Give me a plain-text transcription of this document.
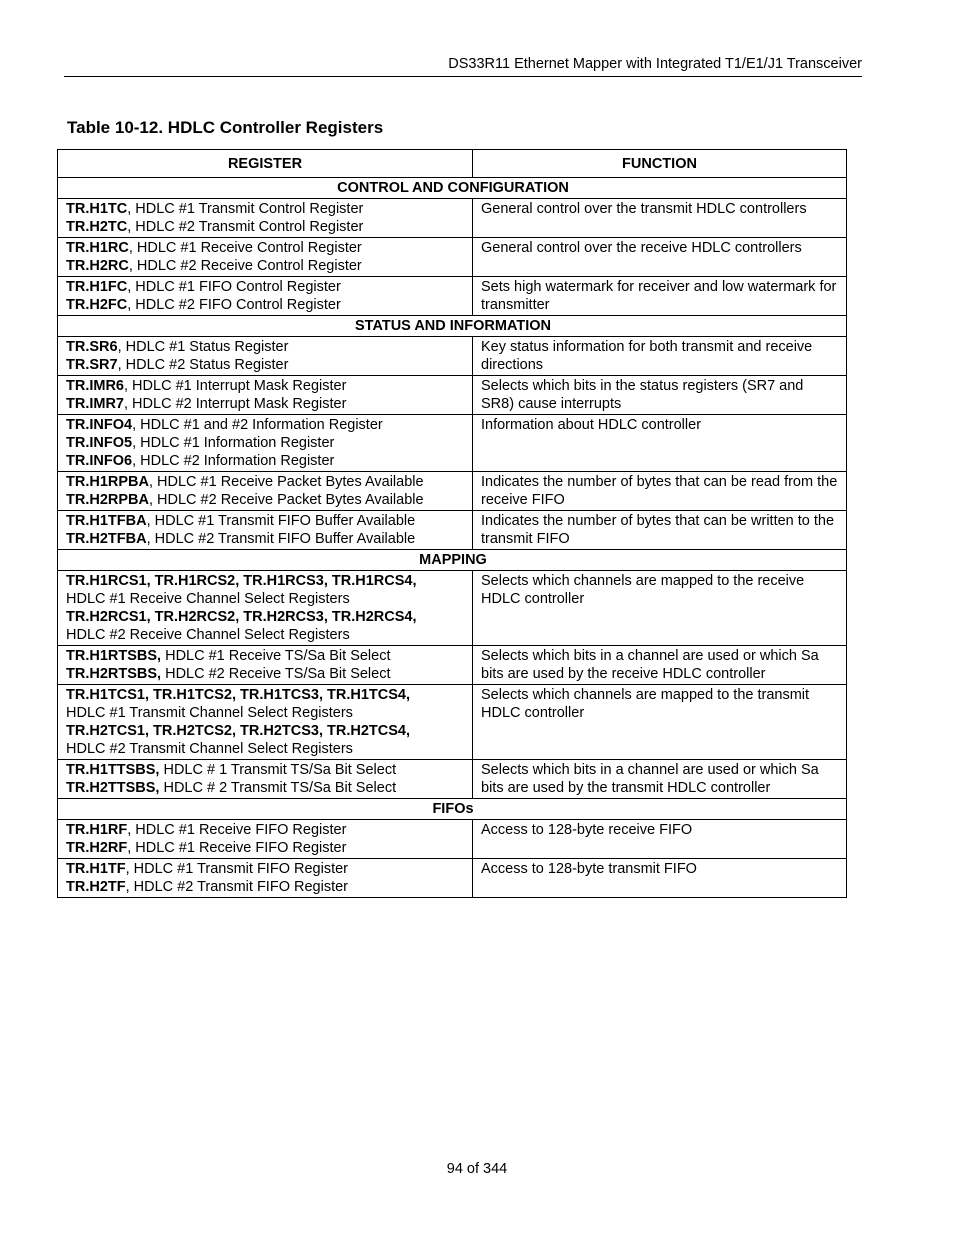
DS33R11 Ethernet Mapper with Integrated T1/E1/J1 Transceiver
Table 10-12. HDLC Controller Registers
REGISTER	FUNCTION
CONTROL AND CONFIGURATION	

TR.H1TC, HDLC #1 Transmit Control Register
TR.H2TC, HDLC #2 Transmit Control Register	General control over the transmit HDLC controllers

TR.H1RC, HDLC #1 Receive Control Register
TR.H2RC, HDLC #2 Receive Control Register	General control over the receive HDLC controllers

TR.H1FC, HDLC #1 FIFO Control Register
TR.H2FC, HDLC #2 FIFO Control Register	Sets high watermark for receiver and low watermark for transmitter
STATUS AND INFORMATION	

TR.SR6, HDLC #1 Status Register
TR.SR7, HDLC #2 Status Register	Key status information for both transmit and receive directions

TR.IMR6, HDLC #1 Interrupt Mask Register
TR.IMR7, HDLC #2 Interrupt Mask Register	Selects which bits in the status registers (SR7 and SR8) cause interrupts

TR.INFO4, HDLC #1 and #2 Information Register
TR.INFO5, HDLC #1 Information Register
TR.INFO6, HDLC #2 Information Register	Information about HDLC controller

TR.H1RPBA, HDLC #1 Receive Packet Bytes Available
TR.H2RPBA, HDLC #2 Receive Packet Bytes Available	Indicates the number of bytes that can be read from the receive FIFO

TR.H1TFBA, HDLC #1 Transmit FIFO Buffer Available
TR.H2TFBA, HDLC #2 Transmit FIFO Buffer Available	Indicates the number of bytes that can be written to the transmit FIFO
MAPPING	

TR.H1RCS1, TR.H1RCS2, TR.H1RCS3, TR.H1RCS4,
HDLC #1 Receive Channel Select Registers
TR.H2RCS1, TR.H2RCS2, TR.H2RCS3, TR.H2RCS4,
HDLC #2 Receive Channel Select Registers	Selects which channels are mapped to the receive HDLC controller

TR.H1RTSBS, HDLC #1 Receive TS/Sa Bit Select
TR.H2RTSBS, HDLC #2 Receive TS/Sa Bit Select	Selects which bits in a channel are used or which Sa bits are used by the receive HDLC controller

TR.H1TCS1, TR.H1TCS2, TR.H1TCS3, TR.H1TCS4,
HDLC #1 Transmit Channel Select Registers
TR.H2TCS1, TR.H2TCS2, TR.H2TCS3, TR.H2TCS4,
HDLC #2 Transmit Channel Select Registers	Selects which channels are mapped to the transmit HDLC controller

TR.H1TTSBS, HDLC # 1 Transmit TS/Sa Bit Select
TR.H2TTSBS, HDLC # 2 Transmit TS/Sa Bit Select	Selects which bits in a channel are used or which Sa bits are used by the transmit HDLC controller
FIFOs	

TR.H1RF, HDLC #1 Receive FIFO Register
TR.H2RF, HDLC #1 Receive FIFO Register	Access to 128-byte receive FIFO

TR.H1TF, HDLC #1 Transmit FIFO Register
TR.H2TF, HDLC #2 Transmit FIFO Register	Access to 128-byte transmit FIFO
94 of 344
